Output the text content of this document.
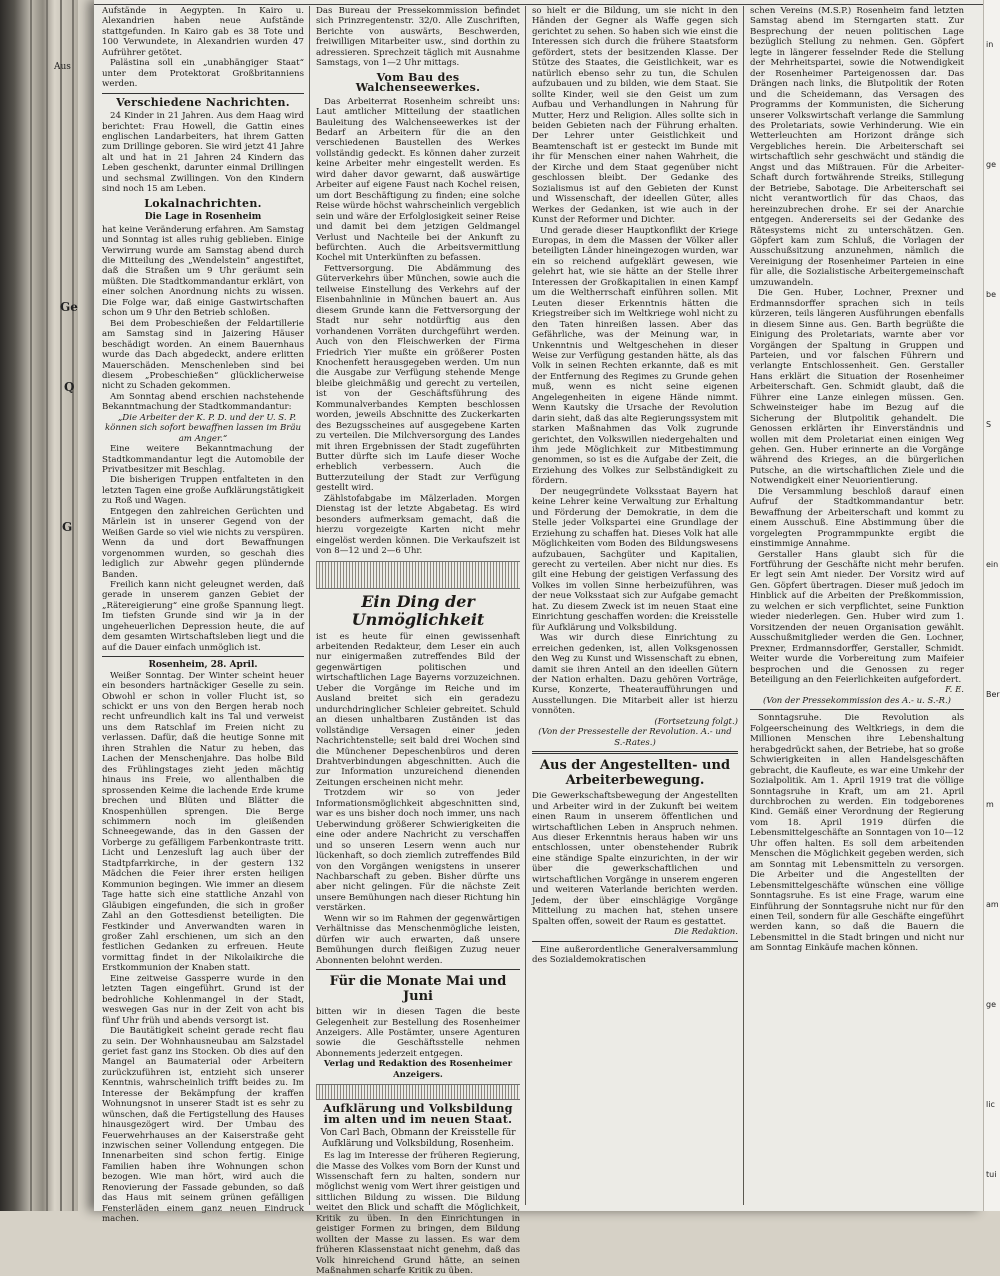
Aus
Ge
Q
G

Aufstände in Aegypten. In Kairo u. Alexandrien haben neue Aufstände stattgefunden. In Kairo gab es 38 Tote und 100 Verwundete, in Alexandrien wurden 47 Aufrührer getötet.

Palästina soll ein „unabhängiger Staat“ unter dem Protektorat Großbritanniens werden.

Verschiedene Nachrichten.

24 Kinder in 21 Jahren. Aus dem Haag wird berichtet: Frau Howell, die Gattin eines englischen Landarbeiters, hat ihrem Gatten zum Drillinge geboren. Sie wird jetzt 41 Jahre alt und hat in 21 Jahren 24 Kindern das Leben geschenkt, darunter einmal Drillingen und sechsmal Zwillingen. Von den Kindern sind noch 15 am Leben.

Lokalnachrichten.
Die Lage in Rosenheim

hat keine Veränderung erfahren. Am Samstag und Sonntag ist alles ruhig geblieben. Einige Verwirrung wurde am Samstag abend durch die Mitteilung des „Wendelstein“ angestiftet, daß die Straßen um 9 Uhr geräumt sein müßten. Die Stadtkommandantur erklärt, von einer solchen Anordnung nichts zu wissen. Die Folge war, daß einige Gastwirtschaften schon um 9 Uhr den Betrieb schloßen.

Bei dem Probeschießen der Feldartillerie am Samstag sind in Jaizering Häuser beschädigt worden. An einem Bauernhaus wurde das Dach abgedeckt, andere erlitten Mauerschäden. Menschenleben sind bei diesem „Probeschießen“ glücklicherweise nicht zu Schaden gekommen.

Am Sonntag abend erschien nachstehende Bekanntmachung der Stadtkommandantur:

„Die Arbeiter der K. P. D. und der U. S. P. können sich sofort bewaffnen lassen im Bräu am Anger.“

Eine weitere Bekanntmachung der Stadtkommandantur legt die Automobile der Privatbesitzer mit Beschlag.

Die bisherigen Truppen entfalteten in den letzten Tagen eine große Aufklärungstätigkeit zu Roß und Wagen.

Entgegen den zahlreichen Gerüchten und Märlein ist in unserer Gegend von der Weißen Garde so viel wie nichts zu verspüren. Wenn da und dort Bewaffnungen vorgenommen wurden, so geschah dies lediglich zur Abwehr gegen plündernde Banden.

Freilich kann nicht geleugnet werden, daß gerade in unserem ganzen Gebiet der „Rätereigierung“ eine große Spannung liegt. Im tiefsten Grunde sind wir ja in der ungeheuerlichen Depression heute, die auf dem gesamten Wirtschaftsleben liegt und die auf die Dauer einfach unmöglich ist.

Rosenheim, 28. April.

Weißer Sonntag. Der Winter scheint heuer ein besonders hartnäckiger Geselle zu sein. Obwohl er schon in voller Flucht ist, so schickt er uns von den Bergen herab noch recht unfreundlich kalt ins Tal und verweist uns dem Ratschlaf im Freien nicht zu verlassen. Dafür, daß die heutige Sonne mit ihren Strahlen die Natur zu heben, das Lachen der Menschenjahre. Das holbe Bild des Frühlingstages zieht jeden mächtig hinaus ins Freie, wo allenthalben die sprossenden Keime die lachende Erde krume brechen und Blüten und Blätter die Knospenhüllen sprengen. Die Berge schimmern noch im gleißenden Schneegewande, das in den Gassen der Vorberge zu gefälligem Farbenkontraste tritt. Licht und Lenzesluft lag auch über der Stadtpfarrkirche, in der gestern 132 Mädchen die Feier ihrer ersten heiligen Kommunion begingen. Wie immer an diesem Tage hatte sich eine stattliche Anzahl von Gläubigen eingefunden, die sich in großer Zahl an den Gottesdienst beteiligten. Die Festkinder und Anverwandten waren in großer Zahl erschienen, um sich an den festlichen Gedanken zu erfreuen. Heute vormittag findet in der Nikolaikirche die Erstkommunion der Knaben statt.

Eine zeitweise Gassperre wurde in den letzten Tagen eingeführt. Grund ist der bedrohliche Kohlenmangel in der Stadt, weswegen Gas nur in der Zeit von acht bis fünf Uhr früh und abends versorgt ist.

Die Bautätigkeit scheint gerade recht flau zu sein. Der Wohnhausneubau am Salzstadel geriet fast ganz ins Stocken. Ob dies auf den Mangel an Baumaterial oder Arbeitern zurückzuführen ist, entzieht sich unserer Kenntnis, wahrscheinlich trifft beides zu. Im Interesse der Bekämpfung der kraffen Wohnungsnot in unserer Stadt ist es sehr zu wünschen, daß die Fertigstellung des Hauses hinausgezögert wird. Der Umbau des Feuerwehrhauses an der Kaiserstraße geht inzwischen seiner Vollendung entgegen. Die Innenarbeiten sind schon fertig. Einige Familien haben ihre Wohnungen schon bezogen. Wie man hört, wird auch die Renovierung der Fassade gebunden, so daß das Haus mit seinem grünen gefälligen Fensterläden einem ganz neuen Eindruck machen.

Das Bureau der Pressekommission befindet sich Prinzregentenstr. 32/0. Alle Zuschriften, Berichte von auswärts, Beschwerden, freiwilligen Mitarbeiter usw., sind dorthin zu adressieren. Sprechzeit täglich mit Ausnahme Samstags, von 1—2 Uhr mittags.

Vom Bau des Walchenseewerkes.

Das Arbeiterrat Rosenheim schreibt uns: Laut amtlicher Mitteilung der staatlichen Bauleitung des Walchenseewerkes ist der Bedarf an Arbeitern für die an den verschiedenen Baustellen des Werkes vollständig gedeckt. Es können daher zurzeit keine Arbeiter mehr eingestellt werden. Es wird daher davor gewarnt, daß auswärtige Arbeiter auf eigene Faust nach Kochel reisen, um dort Beschäftigung zu finden; eine solche Reise würde höchst wahrscheinlich vergeblich sein und wäre der Erfolglosigkeit seiner Reise und damit bei dem jetzigen Geldmangel Verlust und Nachteile bei der Ankunft zu befürchten. Auch die Arbeitsvermittlung Kochel mit Unterkünften zu befassen.

Fettversorgung. Die Abdämmung des Güterverkehrs über München, sowie auch die teilweise Einstellung des Verkehrs auf der Eisenbahnlinie in München bauert an. Aus diesem Grunde kann die Fettversorgung der Stadt nur sehr notdürftig aus den vorhandenen Vorräten durchgeführt werden. Auch von den Fleischwerken der Firma Friedrich Yier mußte ein größerer Posten Knochenfett herausgegeben werden. Um nun die Ausgabe zur Verfügung stehende Menge bleibe gleichmäßig und gerecht zu verteilen, ist von der Geschäftsführung des Kommunalverbandes Kempten beschlossen worden, jeweils Abschnitte des Zuckerkarten des Bezugsscheines auf ausgegebene Karten zu verteilen. Die Milchversorgung des Landes mit ihren Ergebnissen der Stadt zugeführten Butter dürfte sich im Laufe dieser Woche erheblich verbessern. Auch die Butterzuteilung der Stadt zur Verfügung gestellt wird.

Zählstofabgabe im Mälzerladen. Morgen Dienstag ist der letzte Abgabetag. Es wird besonders aufmerksam gemacht, daß die hierzu vorgezeigte Karten nicht mehr eingelöst werden können. Die Verkaufszeit ist von 8—12 und 2—6 Uhr.

Ein Ding der Unmöglichkeit

ist es heute für einen gewissenhaft arbeitenden Redakteur, dem Leser ein auch nur einigermaßen zutreffendes Bild der gegenwärtigen politischen und wirtschaftlichen Lage Bayerns vorzuzeichnen. Ueber die Vorgänge im Reiche und im Ausland breitet sich ein geradezu undurchdringlicher Schleier gebreitet. Schuld an diesen unhaltbaren Zuständen ist das vollständige Versagen einer jeden Nachrichtenstelle; seit bald drei Wochen sind die Münchener Depeschenbüros und deren Drahtverbindungen abgeschnitten. Auch die zur Information unzureichend dienenden Zeitungen erscheinen nicht mehr.

Trotzdem wir so von jeder Informationsmöglichkeit abgeschnitten sind, war es uns bisher doch noch immer, uns nach Ueberwindung größerer Schwierigkeiten die eine oder andere Nachricht zu verschaffen und so unseren Lesern wenn auch nur lückenhaft, so doch ziemlich zutreffendes Bild von den Vorgängen wenigstens in unserer Nachbarschaft zu geben. Bisher dürfte uns aber nicht gelingen. Für die nächste Zeit unsere Bemühungen nach dieser Richtung hin verstärken.

Wenn wir so im Rahmen der gegenwärtigen Verhältnisse das Menschenmögliche leisten, dürfen wir auch erwarten, daß unsere Bemühungen durch fleißigen Zuzug neuer Abonnenten belohnt werden.

Für die Monate Mai und Juni

bitten wir in diesen Tagen die beste Gelegenheit zur Bestellung des Rosenheimer Anzeigers. Alle Postämter, unsere Agenturen sowie die Geschäftsstelle nehmen Abonnements jederzeit entgegen.

Verlag und Redaktion des Rosenheimer Anzeigers.
Aufklärung und Volksbildung im alten und im neuen Staat.
Von Carl Bach, Obmann der Kreisstelle für Aufklärung und Volksbildung, Rosenheim.

Es lag im Interesse der früheren Regierung, die Masse des Volkes vom Born der Kunst und Wissenschaft fern zu halten, sondern nur möglichst wenig vom Wert ihrer geistigen und sittlichen Bildung zu wissen. Die Bildung weitet den Blick und schafft die Möglichkeit, Kritik zu üben. In den Einrichtungen in geistiger Formen zu bringen, dem Bildung wollten der Masse zu lassen. Es war dem früheren Klassenstaat nicht genehm, daß das Volk hinreichend Grund hätte, an seinen Maßnahmen scharfe Kritik zu üben.

so hielt er die Bildung, um sie nicht in den Händen der Gegner als Waffe gegen sich gerichtet zu sehen. So haben sich wie einst die Interessen sich durch die frühere Staatsform gefördert, stets der besitzenden Klasse. Der Stütze des Staates, die Geistlichkeit, war es natürlich ebenso sehr zu tun, die Schulen aufzubauen und zu bilden, wie dem Staat. Sie sollte Kinder, weil sie den Geist um zum Aufbau und Verhandlungen in Nahrung für Mutter, Herz und Religion. Alles sollte sich in beiden Gebieten nach der Führung erhalten. Der Lehrer unter Geistlichkeit und Beamtenschaft ist er gesteckt im Bunde mit ihr für Menschen einer nahen Wahrheit, die der Kirche und dem Staat gegenüber nicht geschlossen bleibt. Der Gedanke des Sozialismus ist auf den Gebieten der Kunst und Wissenschaft, der ideellen Güter, alles Werkes der Gedanken, ist wie auch in der Kunst der Reformer und Dichter.

Und gerade dieser Hauptkonflikt der Kriege Europas, in dem die Massen der Völker aller beteiligten Länder hineingezogen wurden, war ein so reichend aufgeklärt gewesen, wie gelehrt hat, wie sie hätte an der Stelle ihrer Interessen der Großkapitalien in einen Kampf um die Weltherrschaft einführen sollen. Mit Leuten dieser Erkenntnis hätten die Kriegstreiber sich im Weltkriege wohl nicht zu den Taten hinreißen lassen. Aber das Gefährliche, was der Meinung war, in Unkenntnis und Weltgeschehen in dieser Weise zur Verfügung gestanden hätte, als das Volk in seinen Rechten erkannte, daß es mit der Entfernung des Regimes zu Grunde gehen muß, wenn es nicht seine eigenen Angelegenheiten in eigene Hände nimmt. Wenn Kautsky die Ursache der Revolution darin sieht, daß das alte Regierungssystem mit starken Maßnahmen das Volk zugrunde gerichtet, den Volkswillen niedergehalten und ihm jede Möglichkeit zur Mitbestimmung genommen, so ist es die Aufgabe der Zeit, die Erziehung des Volkes zur Selbständigkeit zu fördern.

Der neugegründete Volksstaat Bayern hat keine Lehrer keine Verwaltung zur Erhaltung und Förderung der Demokratie, in dem die Stelle jeder Volkspartei eine Grundlage der Erziehung zu schaffen hat. Dieses Volk hat alle Möglichkeiten vom Boden des Bildungswesens aufzubauen, Sachgüter und Kapitalien, gerecht zu verteilen. Aber nicht nur dies. Es gilt eine Hebung der geistigen Verfassung des Volkes im vollen Sinne herbeizuführen, was der neue Volksstaat sich zur Aufgabe gemacht hat. Zu diesem Zweck ist im neuen Staat eine Einrichtung geschaffen worden: die Kreisstelle für Aufklärung und Volksbildung.

Was wir durch diese Einrichtung zu erreichen gedenken, ist, allen Volksgenossen den Weg zu Kunst und Wissenschaft zu ebnen, damit sie ihren Anteil an den ideellen Gütern der Nation erhalten. Dazu gehören Vorträge, Kurse, Konzerte, Theateraufführungen und Ausstellungen. Die Mitarbeit aller ist hierzu vonnöten.

(Fortsetzung folgt.)
(Von der Pressestelle der Revolution. A.- und S.-Rates.)
Aus der Angestellten- und Arbeiterbewegung.

Die Gewerkschaftsbewegung der Angestellten und Arbeiter wird in der Zukunft bei weitem einen Raum in unserem öffentlichen und wirtschaftlichen Leben in Anspruch nehmen. Aus dieser Erkenntnis heraus haben wir uns entschlossen, unter obenstehender Rubrik eine ständige Spalte einzurichten, in der wir über die gewerkschaftlichen und wirtschaftlichen Vorgänge in unserem engeren und weiteren Vaterlande berichten werden. Jedem, der über einschlägige Vorgänge Mitteilung zu machen hat, stehen unsere Spalten offen, soweit der Raum es gestattet.

Die Redaktion.

Eine außerordentliche Generalversammlung des Sozialdemokratischen

schen Vereins (M.S.P.) Rosenheim fand letzten Samstag abend im Sterngarten statt. Zur Besprechung der neuen politischen Lage bezüglich Stellung zu nehmen. Gen. Göpfert legte in längerer fesselnder Rede die Stellung der Mehrheitspartei, sowie die Notwendigkeit der Rosenheimer Parteigenossen dar. Das Drängen nach links, die Blutpolitik der Roten und die Scheidemann, das Versagen des Programms der Kommunisten, die Sicherung unserer Volkswirtschaft verlange die Sammlung des Proletariats, sowie Verhinderung. Wie ein Wetterleuchten am Horizont dränge sich Vergebliches herein. Die Arbeiterschaft sei wirtschaftlich sehr geschwächt und ständig die Angst und das Mißtrauen. Für die Arbeiter-Schaft durch fortwährende Streiks, Stillegung der Betriebe, Sabotage. Die Arbeiterschaft sei nicht verantwortlich für das Chaos, das hereinzubrechen drohe. Er sei der Anarchie entgegen. Andererseits sei der Gedanke des Rätesystems nicht zu unterschätzen. Gen. Göpfert kam zum Schluß, die Vorlagen der Ausschußsitzung anzunehmen, nämlich die Vereinigung der Rosenheimer Parteien in eine für alle, die Sozialistische Arbeitergemeinschaft umzuwandeln.

Die Gen. Huber, Lochner, Prexner und Erdmannsdorffer sprachen sich in teils kürzeren, teils längeren Ausführungen ebenfalls in diesem Sinne aus. Gen. Barth begrüßte die Einigung des Proletariats, warnte aber vor Vorgängen der Spaltung in Gruppen und Parteien, und vor falschen Führern und verlangte Entschlossenheit. Gen. Gerstaller Hans erklärt die Situation der Rosenheimer Arbeiterschaft. Gen. Schmidt glaubt, daß die Führer eine Lanze einlegen müssen. Gen. Schweinsteiger habe im Bezug auf die Sicherung der Blutpolitik gehandelt. Die Genossen erklärten ihr Einverständnis und wollen mit dem Proletariat einen einigen Weg gehen. Gen. Huber erinnerte an die Vorgänge während des Krieges, an die bürgerlichen Putsche, an die wirtschaftlichen Ziele und die Notwendigkeit einer Neuorientierung.

Die Versammlung beschloß darauf einen Aufruf der Stadtkommandantur betr. Bewaffnung der Arbeiterschaft und kommt zu einem Ausschuß. Eine Abstimmung über die vorgelegten Programmpunkte ergibt die einstimmige Annahme.

Gerstaller Hans glaubt sich für die Fortführung der Geschäfte nicht mehr berufen. Er legt sein Amt nieder. Der Vorsitz wird auf Gen. Göpfert übertragen. Dieser muß jedoch im Hinblick auf die Arbeiten der Preßkommission, zu welchen er sich verpflichtet, seine Funktion wieder niederlegen. Gen. Huber wird zum 1. Vorsitzenden der neuen Organisation gewählt. Ausschußmitglieder werden die Gen. Lochner, Prexner, Erdmannsdorffer, Gerstaller, Schmidt. Weiter wurde die Vorbereitung zum Maifeier besprochen und die Genossen zu reger Beteiligung an den Feierlichkeiten aufgefordert.

F. E.
(Von der Pressekommission des A.- u. S.-R.)

Sonntagsruhe. Die Revolution als Folgeerscheinung des Weltkriegs, in dem die Millionen Menschen ihre Lebenshaltung herabgedrückt sahen, der Betriebe, hat so große Schwierigkeiten in allen Handelsgeschäften gebracht, die Kaufleute, es war eine Umkehr der Sozialpolitik. Am 1. April 1919 trat die völlige Sonntagsruhe in Kraft, um am 21. April durchbrochen zu werden. Ein todgeborenes Kind. Gemäß einer Verordnung der Regierung vom 18. April 1919 dürfen die Lebensmittelgeschäfte an Sonntagen von 10—12 Uhr offen halten. Es soll dem arbeitenden Menschen die Möglichkeit gegeben werden, sich am Sonntag mit Lebensmitteln zu versorgen. Die Arbeiter und die Angestellten der Lebensmittelgeschäfte wünschen eine völlige Sonntagsruhe. Es ist eine Frage, warum eine Einführung der Sonntagsruhe nicht nur für den einen Teil, sondern für alle Geschäfte eingeführt werden kann, so daß die Bauern die Lebensmittel in die Stadt bringen und nicht nur am Sonntag Einkäufe machen können.

in
ge
be
S
ein
Ber
m
am
ge
lic
tui
